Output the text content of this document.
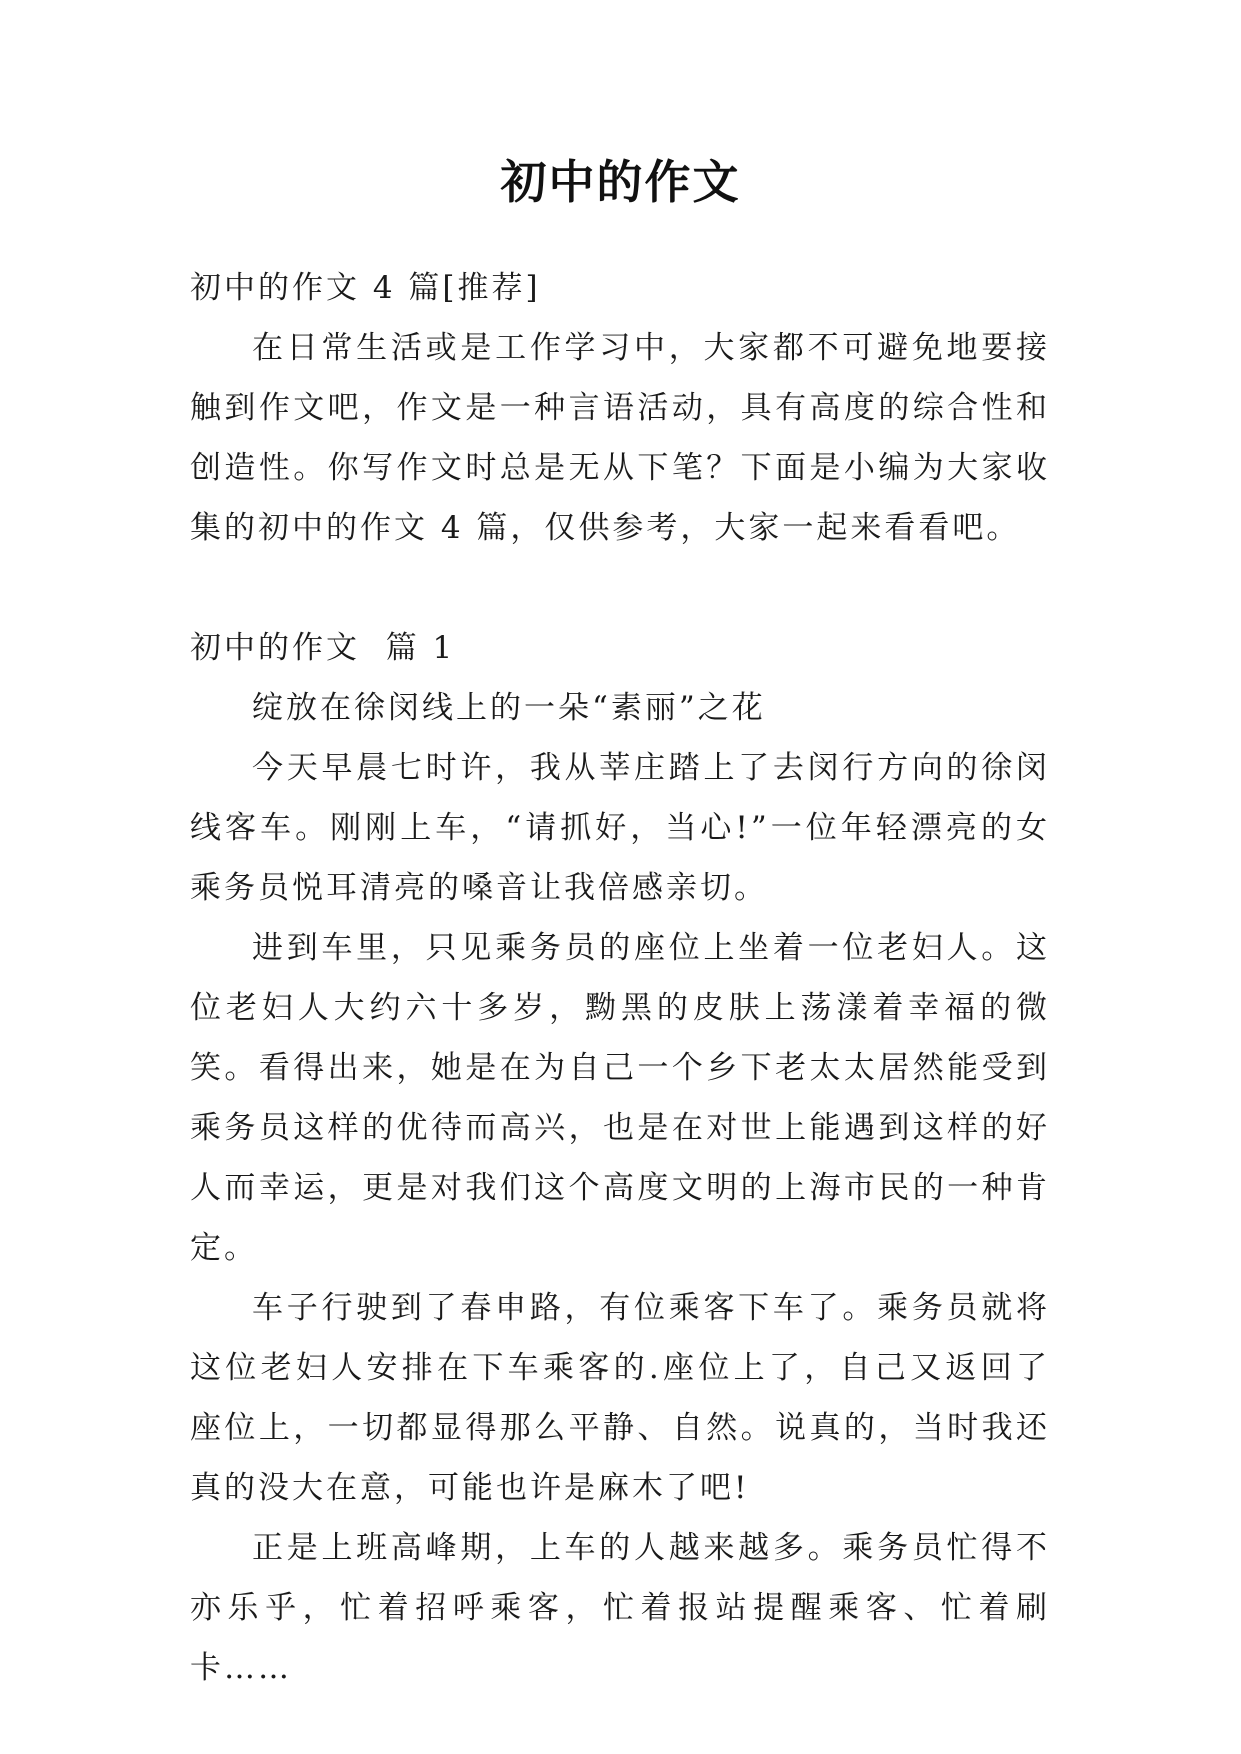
初中的作文

初中的作文 4 篇[推荐]

在日常生活或是工作学习中，大家都不可避免地要接触到作文吧，作文是一种言语活动，具有高度的综合性和创造性。你写作文时总是无从下笔？下面是小编为大家收集的初中的作文 4 篇，仅供参考，大家一起来看看吧。

初中的作文  篇 1

绽放在徐闵线上的一朵“素丽”之花

今天早晨七时许，我从莘庄踏上了去闵行方向的徐闵线客车。刚刚上车，“请抓好，当心!”一位年轻漂亮的女乘务员悦耳清亮的嗓音让我倍感亲切。

进到车里，只见乘务员的座位上坐着一位老妇人。这位老妇人大约六十多岁，黝黑的皮肤上荡漾着幸福的微笑。看得出来，她是在为自己一个乡下老太太居然能受到乘务员这样的优待而高兴，也是在对世上能遇到这样的好人而幸运，更是对我们这个高度文明的上海市民的一种肯定。

车子行驶到了春申路，有位乘客下车了。乘务员就将这位老妇人安排在下车乘客的.座位上了，自己又返回了座位上，一切都显得那么平静、自然。说真的，当时我还真的没大在意，可能也许是麻木了吧!

正是上班高峰期，上车的人越来越多。乘务员忙得不亦乐乎，忙着招呼乘客，忙着报站提醒乘客、忙着刷卡……
